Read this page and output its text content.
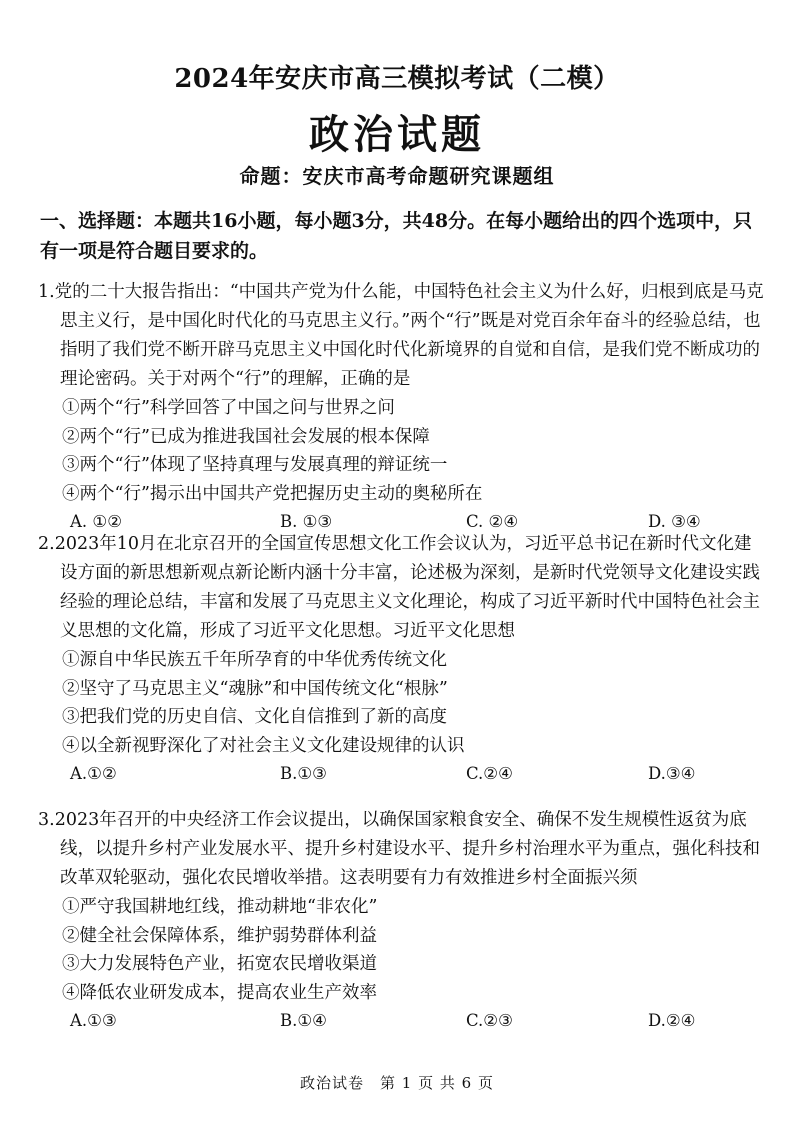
2024年安庆市高三模拟考试（二模）
政治试题
命题：安庆市高考命题研究课题组
一、选择题：本题共16小题，每小题3分，共48分。在每小题给出的四个选项中，只有一项是符合题目要求的。

1.党的二十大报告指出：“中国共产党为什么能，中国特色社会主义为什么好，归根到底是马克思主义行，是中国化时代化的马克思主义行。”两个“行”既是对党百余年奋斗的经验总结，也指明了我们党不断开辟马克思主义中国化时代化新境界的自觉和自信，是我们党不断成功的理论密码。关于对两个“行”的理解，正确的是

①两个“行”科学回答了中国之问与世界之问

②两个“行”已成为推进我国社会发展的根本保障

③两个“行”体现了坚持真理与发展真理的辩证统一

④两个“行”揭示出中国共产党把握历史主动的奥秘所在

A. ①②	B. ①③	C. ②④	D. ③④

2.2023年10月在北京召开的全国宣传思想文化工作会议认为，习近平总书记在新时代文化建设方面的新思想新观点新论断内涵十分丰富，论述极为深刻，是新时代党领导文化建设实践经验的理论总结，丰富和发展了马克思主义文化理论，构成了习近平新时代中国特色社会主义思想的文化篇，形成了习近平文化思想。习近平文化思想

①源自中华民族五千年所孕育的中华优秀传统文化

②坚守了马克思主义“魂脉”和中国传统文化“根脉”

③把我们党的历史自信、文化自信推到了新的高度

④以全新视野深化了对社会主义文化建设规律的认识

A.①②	B.①③	C.②④	D.③④

3.2023年召开的中央经济工作会议提出，以确保国家粮食安全、确保不发生规模性返贫为底线，以提升乡村产业发展水平、提升乡村建设水平、提升乡村治理水平为重点，强化科技和改革双轮驱动，强化农民增收举措。这表明要有力有效推进乡村全面振兴须

①严守我国耕地红线，推动耕地“非农化”

②健全社会保障体系，维护弱势群体利益

③大力发展特色产业，拓宽农民增收渠道

④降低农业研发成本，提高农业生产效率

A.①③	B.①④	C.②③	D.②④
政治试卷　第 1 页 共 6 页
